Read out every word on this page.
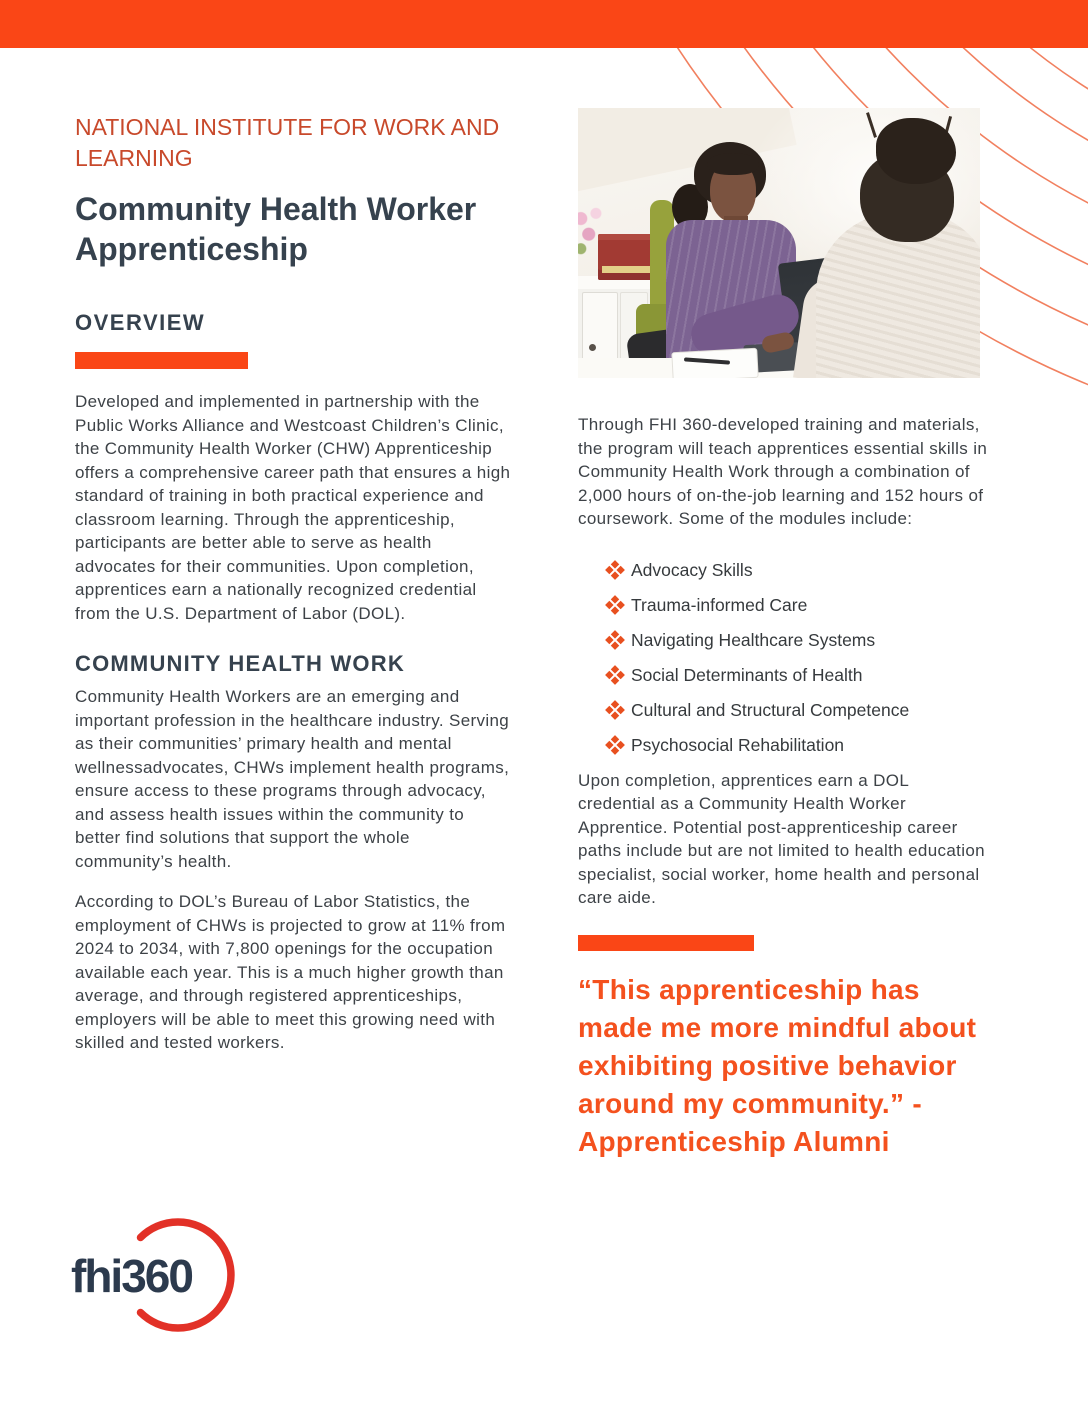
NATIONAL INSTITUTE FOR WORK AND LEARNING
Community Health Worker Apprenticeship
OVERVIEW

Developed and implemented in partnership with the Public Works Alliance and Westcoast Children’s Clinic, the Community Health Worker (CHW) Apprenticeship offers a comprehensive career path that ensures a high standard of training in both practical experience and classroom learning. Through the apprenticeship, participants are better able to serve as health advocates for their communities. Upon completion, apprentices earn a nationally recognized credential from the U.S. Department of Labor (DOL).

COMMUNITY HEALTH WORK

Community Health Workers are an emerging and important profession in the healthcare industry. Serving as their communities’ primary health and mental wellnessadvocates, CHWs implement health programs, ensure access to these programs through advocacy, and assess health issues within the community to better find solutions that support the whole community’s health.

According to DOL’s Bureau of Labor Statistics, the employment of CHWs is projected to grow at 11% from 2024 to 2034, with 7,800 openings for the occupation available each year. This is a much higher growth than average, and through registered apprenticeships, employers will be able to meet this growing need with skilled and tested workers.

Through FHI 360-developed training and materials, the program will teach apprentices essential skills in Community Health Work through a combination of 2,000 hours of on-the-job learning and 152 hours of coursework. Some of the modules include:

Advocacy Skills
Trauma-informed Care
Navigating Healthcare Systems
Social Determinants of Health
Cultural and Structural Competence
Psychosocial Rehabilitation

Upon completion, apprentices earn a DOL credential as a Community Health Worker Apprentice. Potential post-apprenticeship career paths include but are not limited to health education specialist, social worker, home health and personal care aide.

“This apprenticeship has made me more mindful about exhibiting positive behavior around my community.” - Apprenticeship Alumni
fhi360
